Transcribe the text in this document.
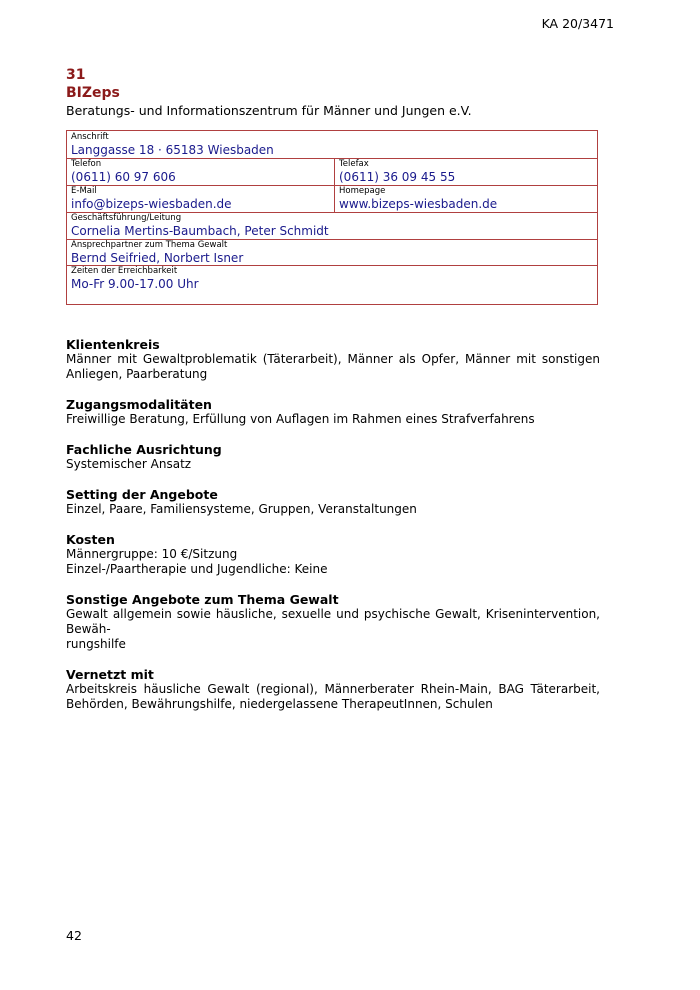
KA 20/3471
31
BIZeps
Beratungs- und Informationszentrum für Männer und Jungen e.V.
Anschrift
Langgasse 18 · 65183 Wiesbaden
Telefon
(0611) 60 97 606
Telefax
(0611) 36 09 45 55
E-Mail
info@bizeps-wiesbaden.de
Homepage
www.bizeps-wiesbaden.de
Geschäftsführung/Leitung
Cornelia Mertins-Baumbach, Peter Schmidt
Ansprechpartner zum Thema Gewalt
Bernd Seifried, Norbert Isner
Zeiten der Erreichbarkeit
Mo-Fr 9.00-17.00 Uhr
Klientenkreis

Männer mit Gewaltproblematik (Täterarbeit), Männer als Opfer, Männer mit sonstigen Anliegen, Paarberatung

Zugangsmodalitäten

Freiwillige Beratung, Erfüllung von Auflagen im Rahmen eines Strafverfahrens

Fachliche Ausrichtung

Systemischer Ansatz

Setting der Angebote

Einzel, Paare, Familiensysteme, Gruppen, Veranstaltungen

Kosten

Männergruppe: 10 €/Sitzung

Einzel-/Paartherapie und Jugendliche: Keine

Sonstige Angebote zum Thema Gewalt

Gewalt allgemein sowie häusliche, sexuelle und psychische Gewalt, Krisenintervention, Bewäh-
rungshilfe

Vernetzt mit

Arbeitskreis häusliche Gewalt (regional), Männerberater Rhein-Main, BAG Täterarbeit, Behörden, Bewährungshilfe, niedergelassene TherapeutInnen, Schulen

42
